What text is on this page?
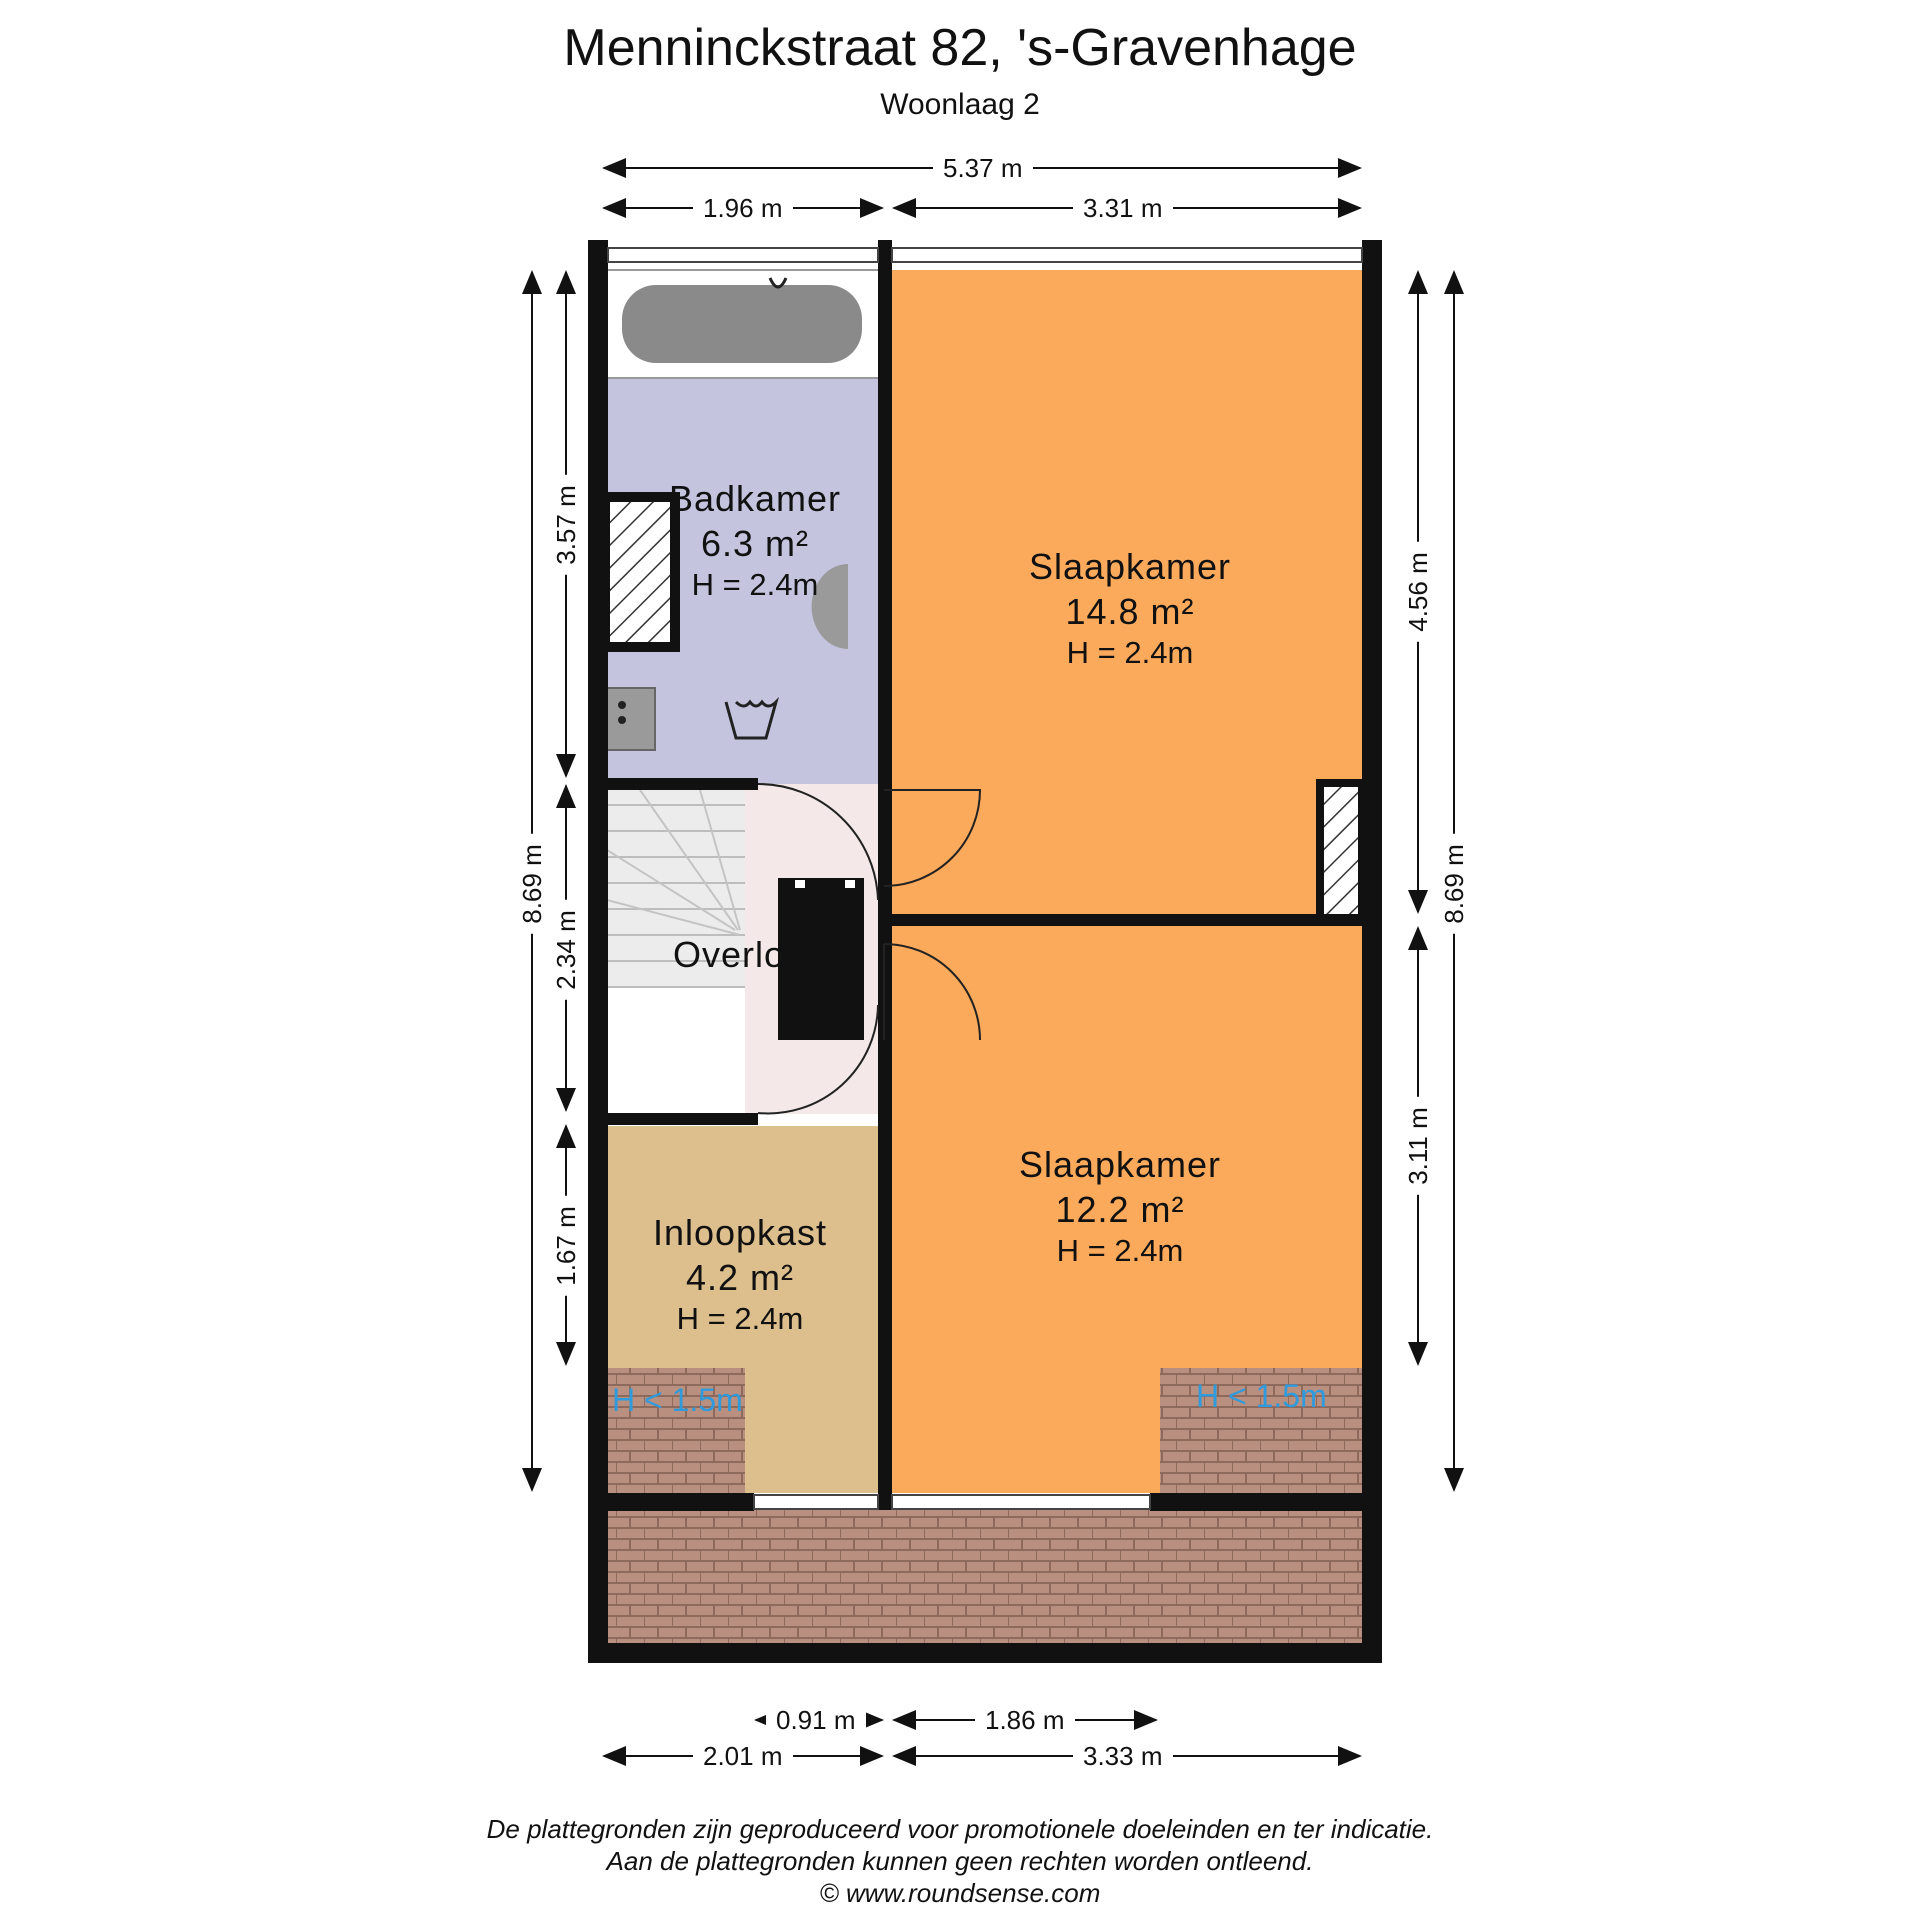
Menninckstraat 82, 's-Gravenhage
Woonlaag 2
5.37 m
1.96 m	3.31 m
8.69 m
3.57 m
2.34 m
1.67 m
4.56 m
3.11 m
8.69 m
0.91 m	1.86 m
2.01 m	3.33 m
Badkamer
6.3 m²
H = 2.4m	Slaapkamer
14.8 m²
H = 2.4m
Overloop
Inloopkast
4.2 m²
H = 2.4m
Slaapkamer
12.2 m²
H = 2.4m
H < 1.5m	H < 1.5m
De plattegronden zijn geproduceerd voor promotionele doeleinden en ter indicatie.
Aan de plattegronden kunnen geen rechten worden ontleend.
© www.roundsense.com
